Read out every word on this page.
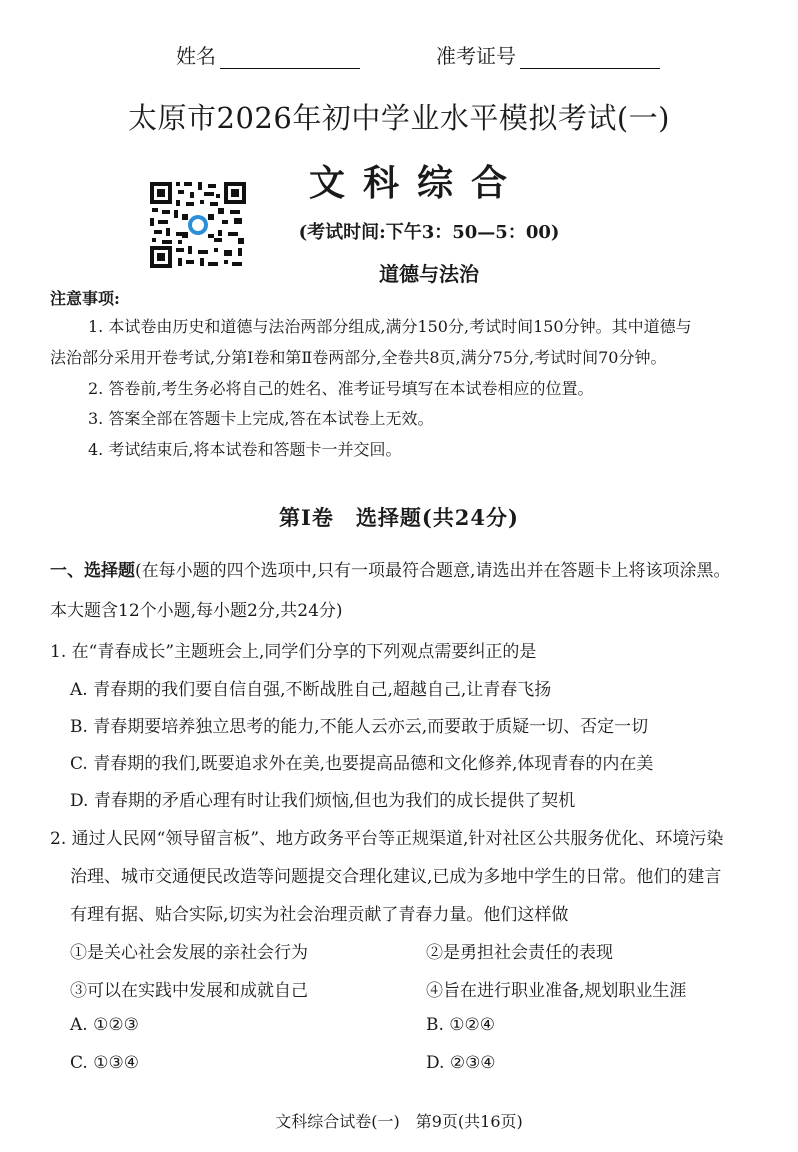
姓名	准考证号
太原市2026年初中学业水平模拟考试(一)
文科综合
(考试时间:下午3：50—5：00)
道德与法治
注意事项:
1. 本试卷由历史和道德与法治两部分组成,满分150分,考试时间150分钟。其中道德与
法治部分采用开卷考试,分第Ⅰ卷和第Ⅱ卷两部分,全卷共8页,满分75分,考试时间70分钟。
2. 答卷前,考生务必将自己的姓名、准考证号填写在本试卷相应的位置。
3. 答案全部在答题卡上完成,答在本试卷上无效。
4. 考试结束后,将本试卷和答题卡一并交回。
第Ⅰ卷　选择题(共24分)
一、选择题(在每小题的四个选项中,只有一项最符合题意,请选出并在答题卡上将该项涂黑。
本大题含12个小题,每小题2分,共24分)
1. 在“青春成长”主题班会上,同学们分享的下列观点需要纠正的是
A. 青春期的我们要自信自强,不断战胜自己,超越自己,让青春飞扬
B. 青春期要培养独立思考的能力,不能人云亦云,而要敢于质疑一切、否定一切
C. 青春期的我们,既要追求外在美,也要提高品德和文化修养,体现青春的内在美
D. 青春期的矛盾心理有时让我们烦恼,但也为我们的成长提供了契机
2. 通过人民网“领导留言板”、地方政务平台等正规渠道,针对社区公共服务优化、环境污染
治理、城市交通便民改造等问题提交合理化建议,已成为多地中学生的日常。他们的建言
有理有据、贴合实际,切实为社会治理贡献了青春力量。他们这样做
①是关心社会发展的亲社会行为	②是勇担社会责任的表现
③可以在实践中发展和成就自己	④旨在进行职业准备,规划职业生涯
A. ①②③	B. ①②④
C. ①③④	D. ②③④
文科综合试卷(一)　第9页(共16页)
